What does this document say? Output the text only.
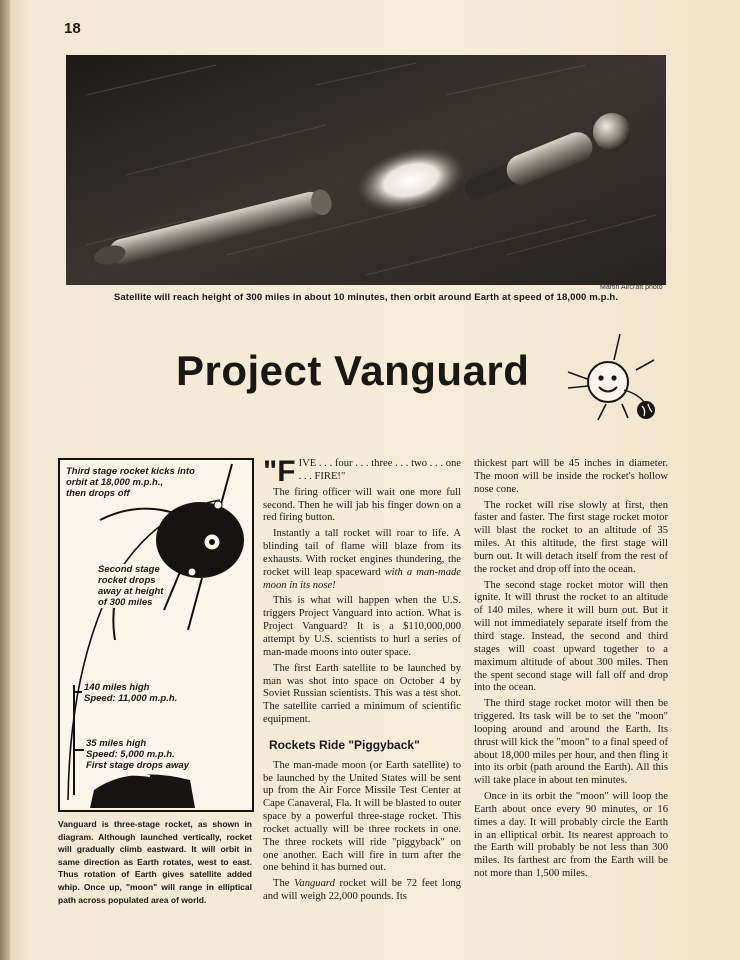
18
Martin Aircraft photo
Satellite will reach height of 300 miles in about 10 minutes, then orbit around Earth at speed of 18,000 m.p.h.
Project Vanguard
Third stage rocket kicks into
orbit at 18,000 m.p.h.,
then drops off
Second stage
rocket drops
away at height
of 300 miles
140 miles high
Speed: 11,000 m.p.h.
35 miles high
Speed: 5,000 m.p.h.
First stage drops away
Vanguard is three-stage rocket, as shown in diagram. Although launched vertically, rocket will gradually climb eastward. It will orbit in same direction as Earth rotates, west to east. Thus rotation of Earth gives satellite added whip. Once up, "moon" will range in elliptical path across populated area of world.

"FIVE . . . four . . . three . . . two . . . one . . . FIRE!"

The firing officer will wait one more full second. Then he will jab his finger down on a red firing button.

Instantly a tall rocket will roar to life. A blinding tail of flame will blaze from its exhausts. With rocket engines thundering, the rocket will leap spaceward with a man-made moon in its nose!

This is what will happen when the U.S. triggers Project Vanguard into action. What is Project Vanguard? It is a $110,000,000 attempt by U.S. scientists to hurl a series of man-made moons into outer space.

The first Earth satellite to be launched by man was shot into space on October 4 by Soviet Russian scientists. This was a test shot. The satellite carried a minimum of scientific equipment.

Rockets Ride "Piggyback"

The man-made moon (or Earth satellite) to be launched by the United States will be sent up from the Air Force Missile Test Center at Cape Canaveral, Fla. It will be blasted to outer space by a powerful three-stage rocket. This rocket actually will be three rockets in one. The three rockets will ride "piggyback" on one another. Each will fire in turn after the one behind it has burned out.

The Vanguard rocket will be 72 feet long and will weigh 22,000 pounds. Its

thickest part will be 45 inches in diameter. The moon will be inside the rocket's hollow nose cone.

The rocket will rise slowly at first, then faster and faster. The first stage rocket motor will blast the rocket to an altitude of 35 miles. At this altitude, the first stage will burn out. It will detach itself from the rest of the rocket and drop off into the ocean.

The second stage rocket motor will then ignite. It will thrust the rocket to an altitude of 140 miles, where it will burn out. But it will not immediately separate itself from the third stage. Instead, the second and third stages will coast upward together to a maximum altitude of about 300 miles. Then the spent second stage will fall off and drop into the ocean.

The third stage rocket motor will then be triggered. Its task will be to set the "moon" looping around and around the Earth. Its thrust will kick the "moon" to a final speed of about 18,000 miles per hour, and then fling it into its orbit (path around the Earth). All this will take place in about ten minutes.

Once in its orbit the "moon" will loop the Earth about once every 90 minutes, or 16 times a day. It will probably circle the Earth in an elliptical orbit. Its nearest approach to the Earth will probably be not less than 300 miles. Its farthest arc from the Earth will be not more than 1,500 miles.
